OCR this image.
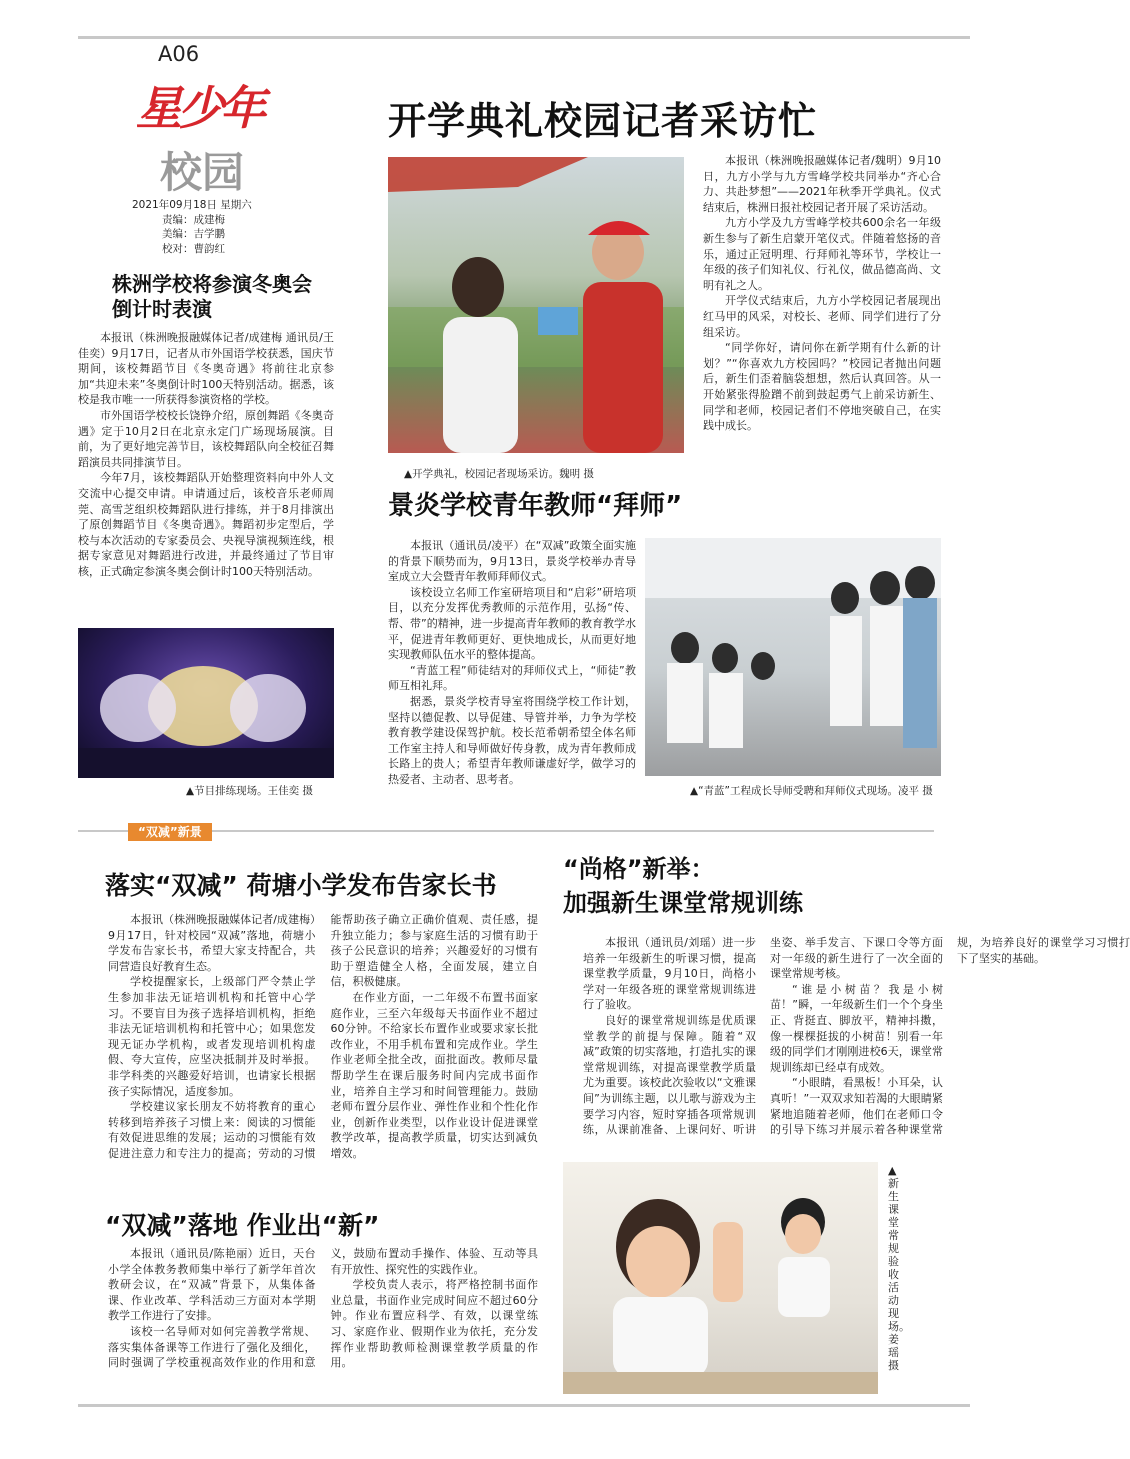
A06
星少年
校园
2021年09月18日 星期六
责编：成建梅
美编：吉学鹏
校对：曹韵红
开学典礼校园记者采访忙
▲开学典礼，校园记者现场采访。魏明 摄

本报讯（株洲晚报融媒体记者/魏明）9月10日，九方小学与九方雪峰学校共同举办“齐心合力、共赴梦想”——2021年秋季开学典礼。仪式结束后，株洲日报社校园记者开展了采访活动。

九方小学及九方雪峰学校共600余名一年级新生参与了新生启蒙开笔仪式。伴随着悠扬的音乐，通过正冠明理、行拜师礼等环节，学校让一年级的孩子们知礼仪、行礼仪，做品德高尚、文明有礼之人。

开学仪式结束后，九方小学校园记者展现出红马甲的风采，对校长、老师、同学们进行了分组采访。

“同学你好，请问你在新学期有什么新的计划？”“你喜欢九方校园吗？”校园记者抛出问题后，新生们歪着脑袋想想，然后认真回答。从一开始紧张得脸蹭不前到鼓起勇气上前采访新生、同学和老师，校园记者们不停地突破自己，在实践中成长。

株洲学校将参演冬奥会
倒计时表演

本报讯（株洲晚报融媒体记者/成建梅 通讯员/王佳奕）9月17日，记者从市外国语学校获悉，国庆节期间，该校舞蹈节目《冬奥奇遇》将前往北京参加“共迎未来”冬奥倒计时100天特别活动。据悉，该校是我市唯一一所获得参演资格的学校。

市外国语学校校长饶铮介绍，原创舞蹈《冬奥奇遇》定于10月2日在北京永定门广场现场展演。目前，为了更好地完善节目，该校舞蹈队向全校征召舞蹈演员共同排演节目。

今年7月，该校舞蹈队开始整理资料向中外人文交流中心提交申请。申请通过后，该校音乐老师周莞、高雪芝组织校舞蹈队进行排练，并于8月排演出了原创舞蹈节目《冬奥奇遇》。舞蹈初步定型后，学校与本次活动的专家委员会、央视导演视频连线，根据专家意见对舞蹈进行改进，并最终通过了节目审核，正式确定参演冬奥会倒计时100天特别活动。

▲节目排练现场。王佳奕 摄
景炎学校青年教师“拜师”

本报讯（通讯员/凌平）在“双减”政策全面实施的背景下顺势而为，9月13日，景炎学校举办青导室成立大会暨青年教师拜师仪式。

该校设立名师工作室研培项目和“启彩”研培项目，以充分发挥优秀教师的示范作用，弘扬“传、帮、带”的精神，进一步提高青年教师的教育教学水平，促进青年教师更好、更快地成长，从而更好地实现教师队伍水平的整体提高。

“青蓝工程”师徒结对的拜师仪式上，“师徒”教师互相礼拜。

据悉，景炎学校青导室将围绕学校工作计划，坚持以德促教、以导促建、导管并举，力争为学校教育教学建设保驾护航。校长范希朝希望全体名师工作室主持人和导师做好传身教，成为青年教师成长路上的贵人；希望青年教师谦虚好学，做学习的热爱者、主动者、思考者。

▲“青蓝”工程成长导师受聘和拜师仪式现场。凌平 摄
“双减”新景
落实“双减” 荷塘小学发布告家长书

本报讯（株洲晚报融媒体记者/成建梅）9月17日，针对校园“双减”落地，荷塘小学发布告家长书，希望大家支持配合，共同营造良好教育生态。

学校提醒家长，上级部门严令禁止学生参加非法无证培训机构和托管中心学习。不要盲目为孩子选择培训机构，拒绝非法无证培训机构和托管中心；如果您发现无证办学机构，或者发现培训机构虚假、夸大宣传，应坚决抵制并及时举报。非学科类的兴趣爱好培训，也请家长根据孩子实际情况，适度参加。

学校建议家长朋友不妨将教育的重心转移到培养孩子习惯上来：阅读的习惯能有效促进思维的发展；运动的习惯能有效促进注意力和专注力的提高；劳动的习惯能帮助孩子确立正确价值观、责任感，提升独立能力；参与家庭生活的习惯有助于孩子公民意识的培养；兴趣爱好的习惯有助于塑造健全人格，全面发展，建立自信，积极健康。

在作业方面，一二年级不布置书面家庭作业，三至六年级每天书面作业不超过60分钟。不给家长布置作业或要求家长批改作业，不用手机布置和完成作业。学生作业老师全批全改，面批面改。教师尽量帮助学生在课后服务时间内完成书面作业，培养自主学习和时间管理能力。鼓励老师布置分层作业、弹性作业和个性化作业，创新作业类型，以作业设计促进课堂教学改革，提高教学质量，切实达到减负增效。

“双减”落地 作业出“新”

本报讯（通讯员/陈艳丽）近日，天台小学全体教务教师集中举行了新学年首次教研会议，在“双减”背景下，从集体备课、作业改革、学科活动三方面对本学期教学工作进行了安排。

该校一名导师对如何完善教学常规、落实集体备课等工作进行了强化及细化，同时强调了学校重视高效作业的作用和意义，鼓励布置动手操作、体验、互动等具有开放性、探究性的实践作业。

学校负责人表示，将严格控制书面作业总量，书面作业完成时间应不超过60分钟。作业布置应科学、有效，以课堂练习、家庭作业、假期作业为依托，充分发挥作业帮助教师检测课堂教学质量的作用。

“尚格”新举：
加强新生课堂常规训练

本报讯（通讯员/刘瑶）进一步培养一年级新生的听课习惯，提高课堂教学质量，9月10日，尚格小学对一年级各班的课堂常规训练进行了验收。

良好的课堂常规训练是优质课堂教学的前提与保障。随着“双减”政策的切实落地，打造扎实的课堂常规训练，对提高课堂教学质量尤为重要。该校此次验收以“文雅课间”为训练主题，以儿歌与游戏为主要学习内容，短时穿插各项常规训练，从课前准备、上课问好、听讲坐姿、举手发言、下课口令等方面对一年级的新生进行了一次全面的课堂常规考核。

“谁是小树苗？我是小树苗！”瞬，一年级新生们一个个身坐正、背挺直、脚放平，精神抖擞，像一棵棵挺拔的小树苗！别看一年级的同学们才刚刚进校6天，课堂常规训练却已经卓有成效。

“小眼睛，看黑板！小耳朵，认真听！”一双双求知若渴的大眼睛紧紧地追随着老师，他们在老师口令的引导下练习并展示着各种课堂常规，为培养良好的课堂学习习惯打下了坚实的基础。

▲新生课堂常规验收活动现场。姜瑶 摄
